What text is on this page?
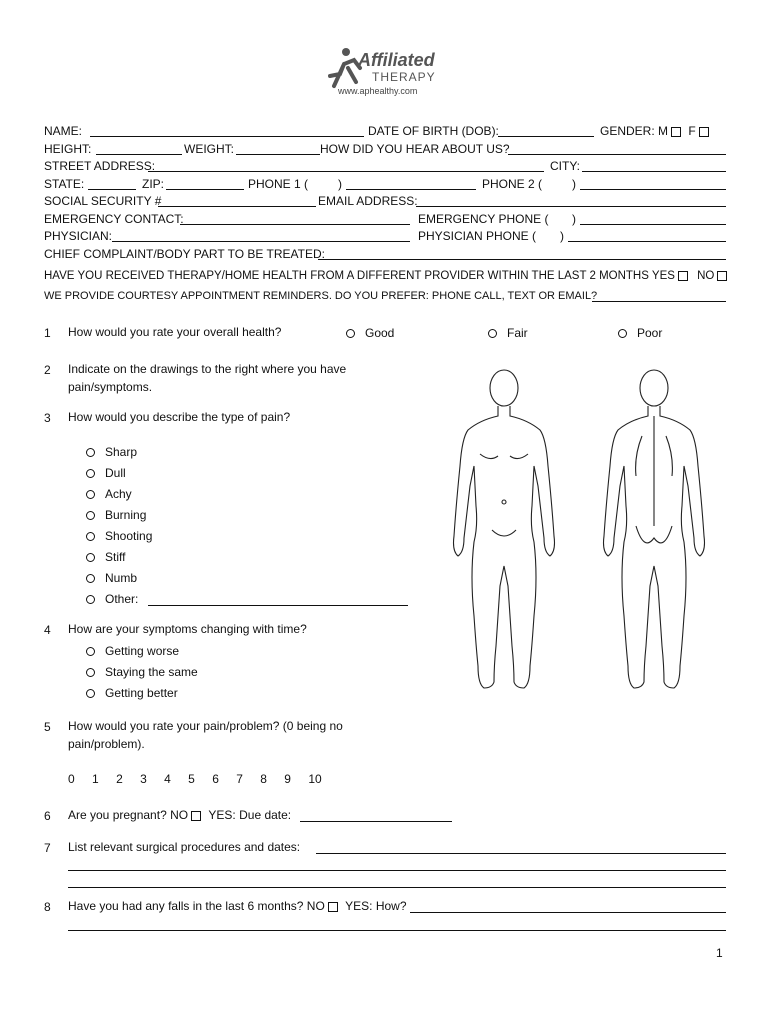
Affiliated
THERAPY
www.aphealthy.com
NAME:	DATE OF BIRTH (DOB):	GENDER: M F
HEIGHT:	WEIGHT:	HOW DID YOU HEAR ABOUT US?
STREET ADDRESS:	CITY:
STATE:	ZIP:	PHONE 1 ( )	PHONE 2 ( )
SOCIAL SECURITY #	EMAIL ADDRESS:
EMERGENCY CONTACT:	EMERGENCY PHONE ( )
PHYSICIAN:	PHYSICIAN PHONE ( )
CHIEF COMPLAINT/BODY PART TO BE TREATED:
HAVE YOU RECEIVED THERAPY/HOME HEALTH FROM A DIFFERENT PROVIDER WITHIN THE LAST 2 MONTHS YES NO
WE PROVIDE COURTESY APPOINTMENT REMINDERS. DO YOU PREFER: PHONE CALL, TEXT OR EMAIL?
1 How would you rate your overall health?	Good	Fair	Poor
2 Indicate on the drawings to the right where you have
pain/symptoms.
3 How would you describe the type of pain?
Sharp
Dull
Achy
Burning
Shooting
Stiff
Numb
Other:
4 How are your symptoms changing with time?
Getting worse
Staying the same
Getting better
5 How would you rate your pain/problem? (0 being no
pain/problem).
0 1 2 3 4 5 6 7 8 9 10
6 Are you pregnant? NO YES: Due date:
7 List relevant surgical procedures and dates:
8 Have you had any falls in the last 6 months? NO YES: How?
1
